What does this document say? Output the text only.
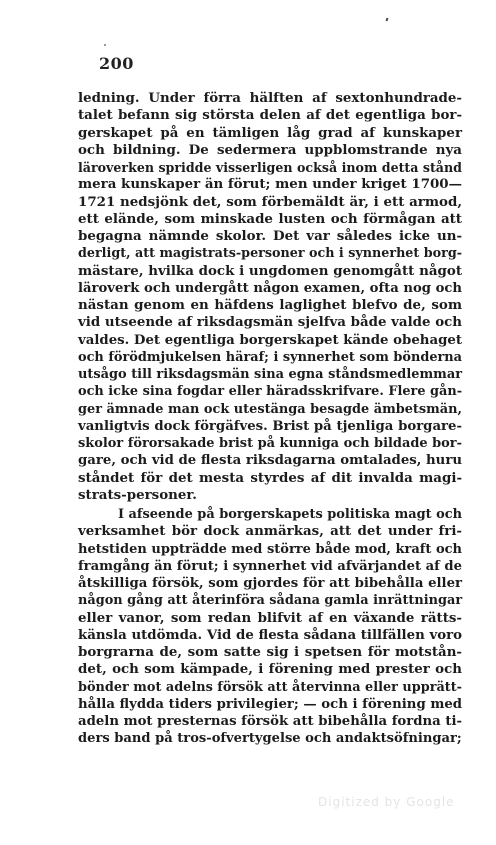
200
ledning. Under förra hälften af sextonhundrade-
talet befann sig största delen af det egentliga bor-
gerskapet på en tämligen låg grad af kunskaper
och bildning. De sedermera uppblomstrande nya
läroverken spridde visserligen också inom detta stånd
mera kunskaper än förut; men under kriget 1700—
1721 nedsjönk det, som förbemäldt är, i ett armod,
ett elände, som minskade lusten och förmågan att
begagna nämnde skolor. Det var således icke un-
derligt, att magistrats-personer och i synnerhet borg-
mästare, hvilka dock i ungdomen genomgått något
läroverk och undergått någon examen, ofta nog och
nästan genom en häfdens laglighet blefvo de, som
vid utseende af riksdagsmän sjelfva både valde och
valdes. Det egentliga borgerskapet kände obehaget
och förödmjukelsen häraf; i synnerhet som bönderna
utsågo till riksdagsmän sina egna ståndsmedlemmar
och icke sina fogdar eller häradsskrifvare. Flere gån-
ger ämnade man ock utestänga besagde ämbetsmän,
vanligtvis dock förgäfves. Brist på tjenliga borgare-
skolor förorsakade brist på kunniga och bildade bor-
gare, och vid de flesta riksdagarna omtalades, huru
ståndet för det mesta styrdes af dit invalda magi-
strats-personer.
I afseende på borgerskapets politiska magt och
verksamhet bör dock anmärkas, att det under fri-
hetstiden uppträdde med större både mod, kraft och
framgång än förut; i synnerhet vid afvärjandet af de
åtskilliga försök, som gjordes för att bibehålla eller
någon gång att återinföra sådana gamla inrättningar
eller vanor, som redan blifvit af en växande rätts-
känsla utdömda. Vid de flesta sådana tillfällen voro
borgrarna de, som satte sig i spetsen för motstån-
det, och som kämpade, i förening med prester och
bönder mot adelns försök att återvinna eller upprätt-
hålla flydda tiders privilegier; — och i förening med
adeln mot presternas försök att bibehålla fordna ti-
ders band på tros-ofvertygelse och andaktsöfningar;
Digitized by Google
